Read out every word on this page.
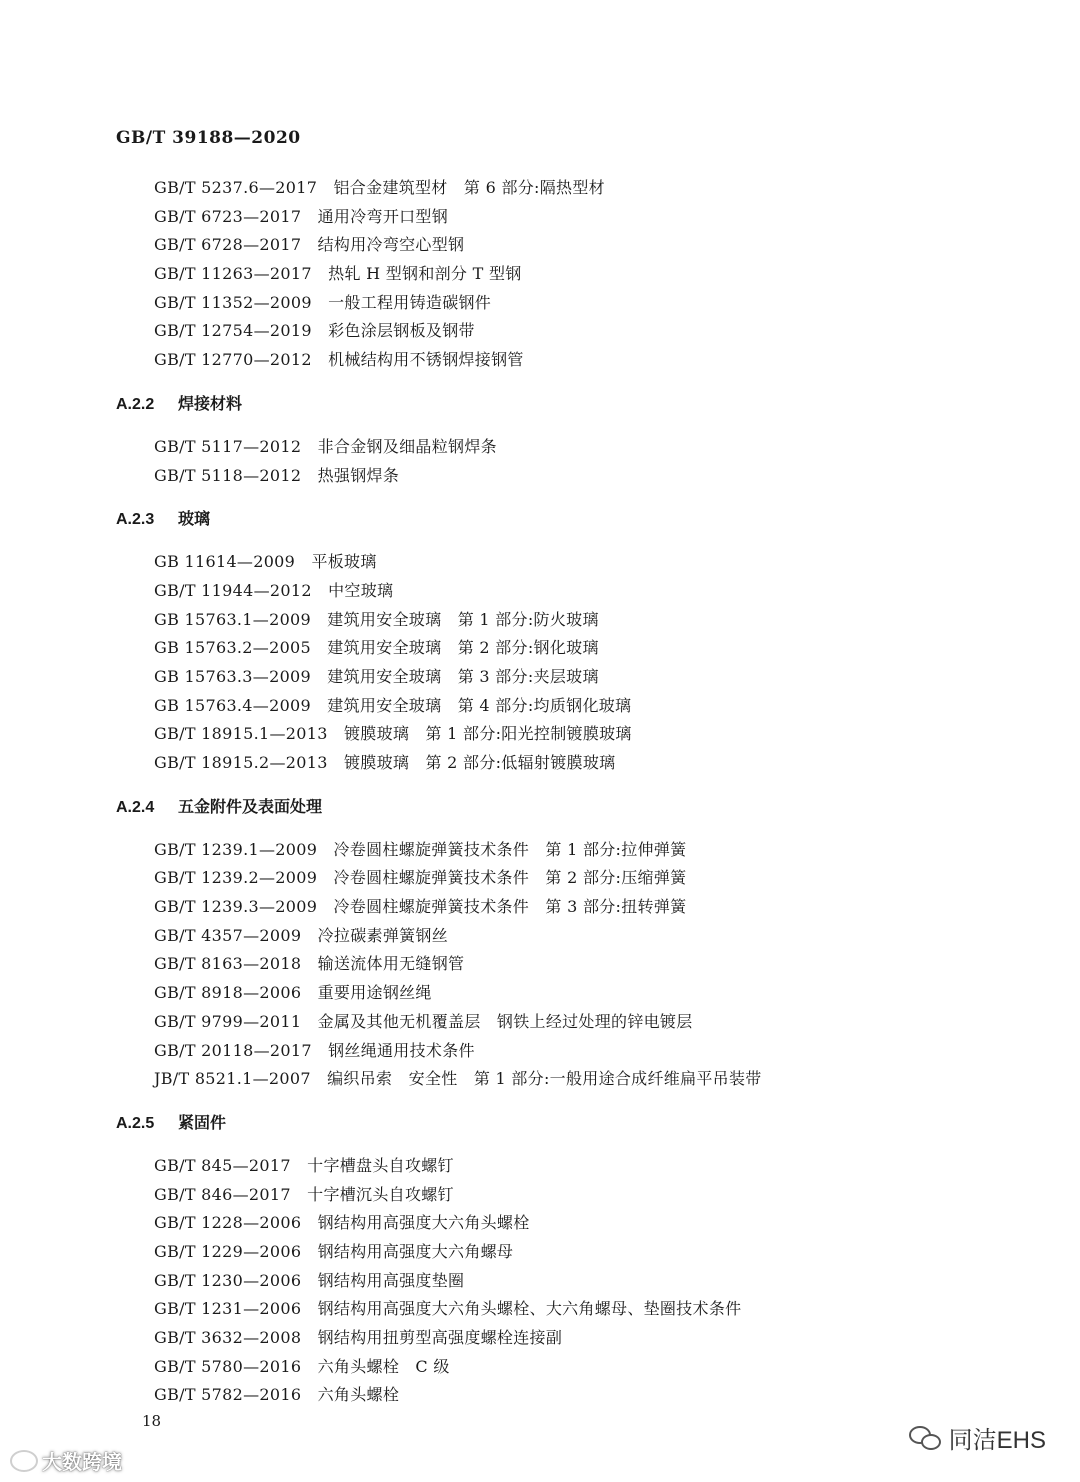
GB/T 39188—2020
GB/T 5237.6—2017　铝合金建筑型材　第 6 部分:隔热型材
GB/T 6723—2017　通用冷弯开口型钢
GB/T 6728—2017　结构用冷弯空心型钢
GB/T 11263—2017　热轧 H 型钢和剖分 T 型钢
GB/T 11352—2009　一般工程用铸造碳钢件
GB/T 12754—2019　彩色涂层钢板及钢带
GB/T 12770—2012　机械结构用不锈钢焊接钢管
A.2.2 焊接材料
GB/T 5117—2012　非合金钢及细晶粒钢焊条
GB/T 5118—2012　热强钢焊条
A.2.3 玻璃
GB 11614—2009　平板玻璃
GB/T 11944—2012　中空玻璃
GB 15763.1—2009　建筑用安全玻璃　第 1 部分:防火玻璃
GB 15763.2—2005　建筑用安全玻璃　第 2 部分:钢化玻璃
GB 15763.3—2009　建筑用安全玻璃　第 3 部分:夹层玻璃
GB 15763.4—2009　建筑用安全玻璃　第 4 部分:均质钢化玻璃
GB/T 18915.1—2013　镀膜玻璃　第 1 部分:阳光控制镀膜玻璃
GB/T 18915.2—2013　镀膜玻璃　第 2 部分:低辐射镀膜玻璃
A.2.4 五金附件及表面处理
GB/T 1239.1—2009　冷卷圆柱螺旋弹簧技术条件　第 1 部分:拉伸弹簧
GB/T 1239.2—2009　冷卷圆柱螺旋弹簧技术条件　第 2 部分:压缩弹簧
GB/T 1239.3—2009　冷卷圆柱螺旋弹簧技术条件　第 3 部分:扭转弹簧
GB/T 4357—2009　冷拉碳素弹簧钢丝
GB/T 8163—2018　输送流体用无缝钢管
GB/T 8918—2006　重要用途钢丝绳
GB/T 9799—2011　金属及其他无机覆盖层　钢铁上经过处理的锌电镀层
GB/T 20118—2017　钢丝绳通用技术条件
JB/T 8521.1—2007　编织吊索　安全性　第 1 部分:一般用途合成纤维扁平吊装带
A.2.5 紧固件
GB/T 845—2017　十字槽盘头自攻螺钉
GB/T 846—2017　十字槽沉头自攻螺钉
GB/T 1228—2006　钢结构用高强度大六角头螺栓
GB/T 1229—2006　钢结构用高强度大六角螺母
GB/T 1230—2006　钢结构用高强度垫圈
GB/T 1231—2006　钢结构用高强度大六角头螺栓、大六角螺母、垫圈技术条件
GB/T 3632—2008　钢结构用扭剪型高强度螺栓连接副
GB/T 5780—2016　六角头螺栓　C 级
GB/T 5782—2016　六角头螺栓
18
大数跨境
同洁EHS
